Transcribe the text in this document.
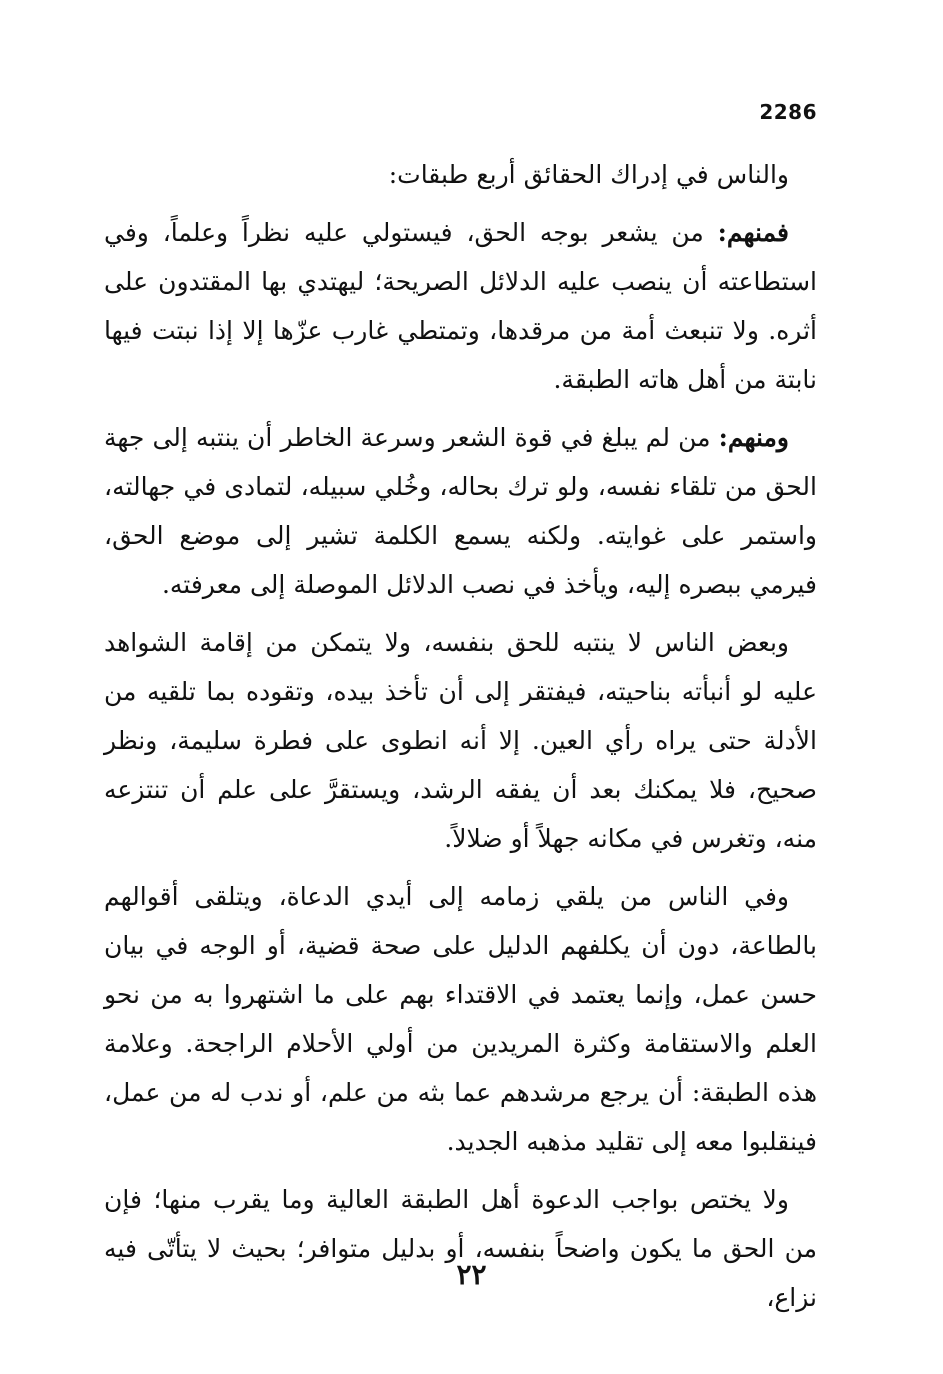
2286

والناس في إدراك الحقائق أربع طبقات:

فمنهم: من يشعر بوجه الحق، فيستولي عليه نظراً وعلماً، وفي استطاعته أن ينصب عليه الدلائل الصريحة؛ ليهتدي بها المقتدون على أثره. ولا تنبعث أمة من مرقدها، وتمتطي غارب عزّها إلا إذا نبتت فيها نابتة من أهل هاته الطبقة.

ومنهم: من لم يبلغ في قوة الشعر وسرعة الخاطر أن ينتبه إلى جهة الحق من تلقاء نفسه، ولو ترك بحاله، وخُلي سبيله، لتمادى في جهالته، واستمر على غوايته. ولكنه يسمع الكلمة تشير إلى موضع الحق، فيرمي ببصره إليه، ويأخذ في نصب الدلائل الموصلة إلى معرفته.

وبعض الناس لا ينتبه للحق بنفسه، ولا يتمكن من إقامة الشواهد عليه لو أنبأته بناحيته، فيفتقر إلى أن تأخذ بيده، وتقوده بما تلقيه من الأدلة حتى يراه رأي العين. إلا أنه انطوى على فطرة سليمة، ونظر صحيح، فلا يمكنك بعد أن يفقه الرشد، ويستقرَّ على علم أن تنتزعه منه، وتغرس في مكانه جهلاً أو ضلالاً.

وفي الناس من يلقي زمامه إلى أيدي الدعاة، ويتلقى أقوالهم بالطاعة، دون أن يكلفهم الدليل على صحة قضية، أو الوجه في بيان حسن عمل، وإنما يعتمد في الاقتداء بهم على ما اشتهروا به من نحو العلم والاستقامة وكثرة المريدين من أولي الأحلام الراجحة. وعلامة هذه الطبقة: أن يرجع مرشدهم عما بثه من علم، أو ندب له من عمل، فينقلبوا معه إلى تقليد مذهبه الجديد.

ولا يختص بواجب الدعوة أهل الطبقة العالية وما يقرب منها؛ فإن من الحق ما يكون واضحاً بنفسه، أو بدليل متوافر؛ بحيث لا يتأتّى فيه نزاع،

٢٢
